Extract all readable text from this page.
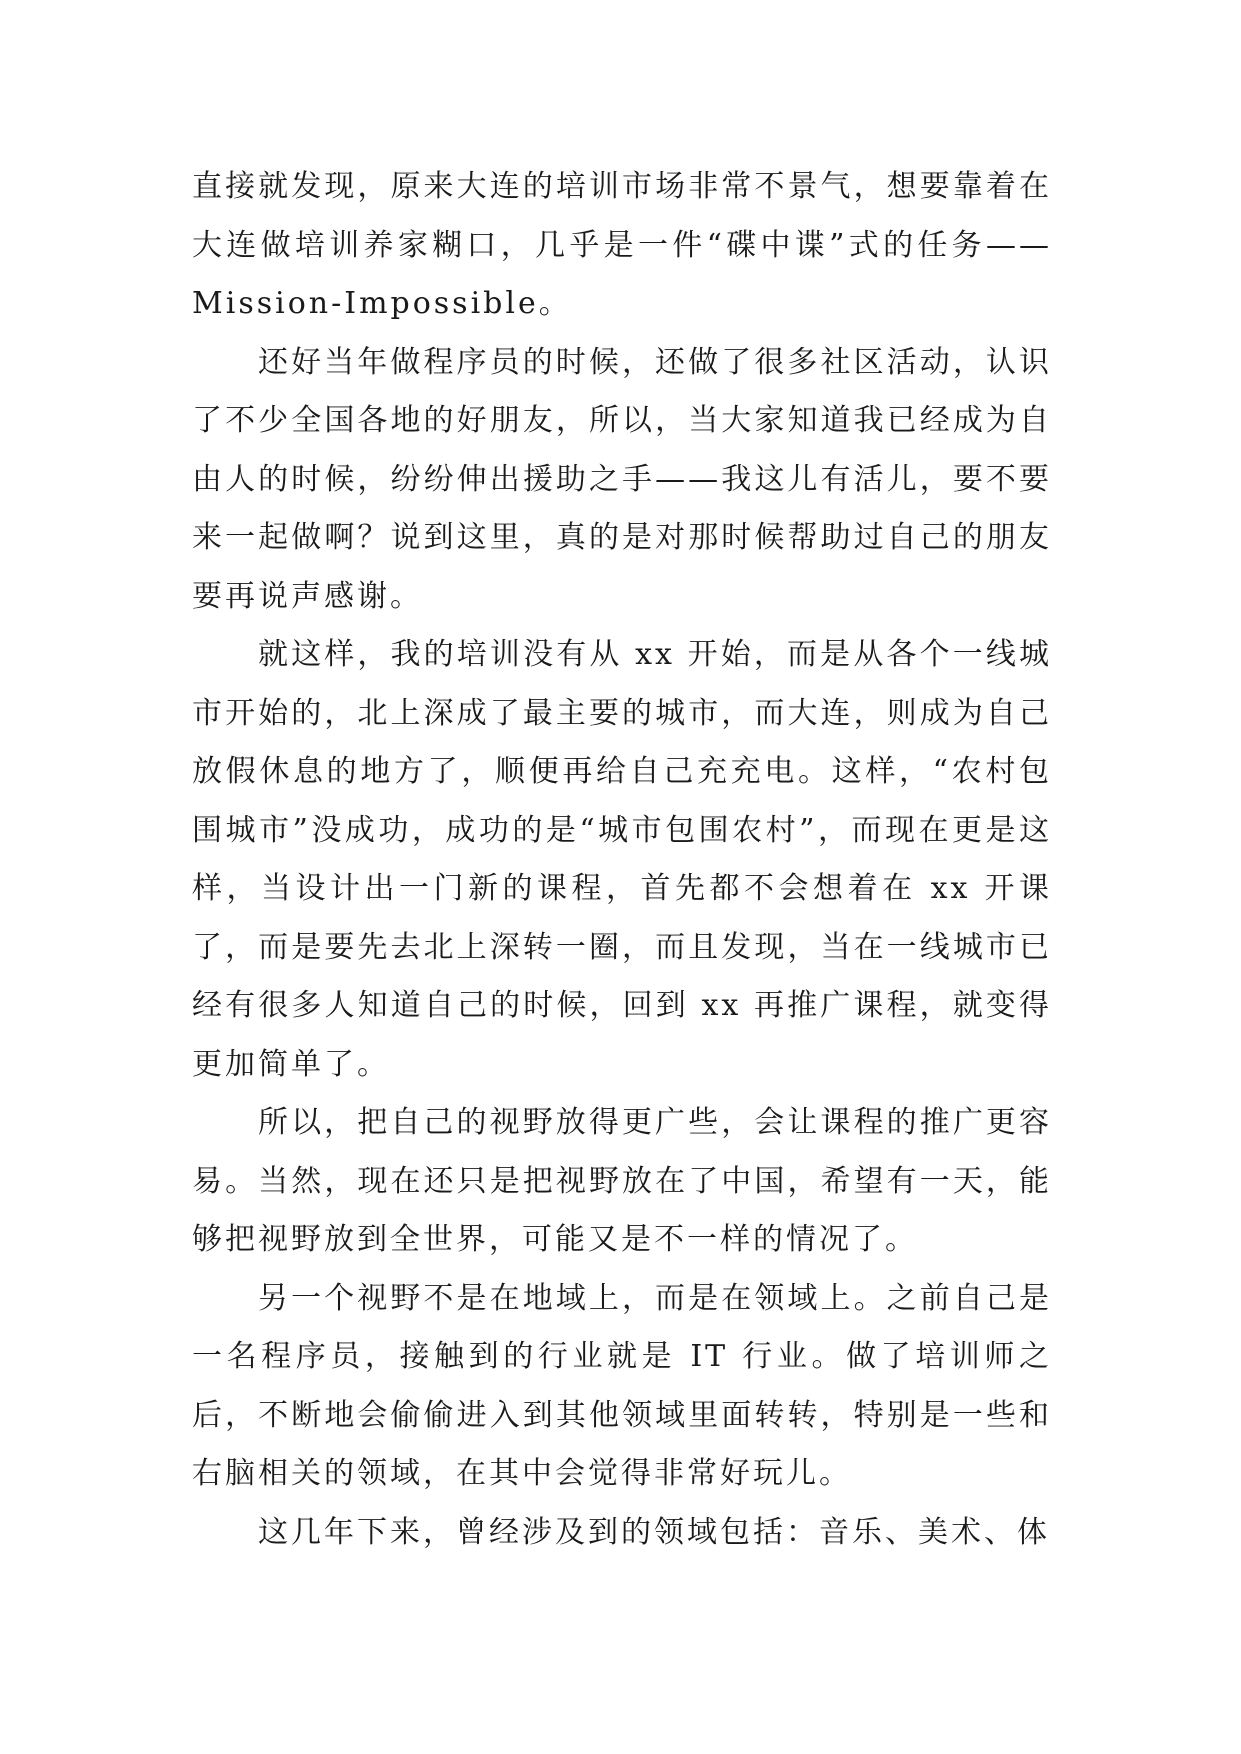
直接就发现，原来大连的培训市场非常不景气，想要靠着在大连做培训养家糊口，几乎是一件“碟中谍”式的任务——Mission-Impossible。

还好当年做程序员的时候，还做了很多社区活动，认识了不少全国各地的好朋友，所以，当大家知道我已经成为自由人的时候，纷纷伸出援助之手——我这儿有活儿，要不要来一起做啊？说到这里，真的是对那时候帮助过自己的朋友要再说声感谢。

就这样，我的培训没有从 xx 开始，而是从各个一线城市开始的，北上深成了最主要的城市，而大连，则成为自己放假休息的地方了，顺便再给自己充充电。这样，“农村包围城市”没成功，成功的是“城市包围农村”，而现在更是这样，当设计出一门新的课程，首先都不会想着在 xx 开课了，而是要先去北上深转一圈，而且发现，当在一线城市已经有很多人知道自己的时候，回到 xx 再推广课程，就变得更加简单了。

所以，把自己的视野放得更广些，会让课程的推广更容易。当然，现在还只是把视野放在了中国，希望有一天，能够把视野放到全世界，可能又是不一样的情况了。

另一个视野不是在地域上，而是在领域上。之前自己是一名程序员，接触到的行业就是 IT 行业。做了培训师之后，不断地会偷偷进入到其他领域里面转转，特别是一些和右脑相关的领域，在其中会觉得非常好玩儿。

这几年下来，曾经涉及到的领域包括：音乐、美术、体
